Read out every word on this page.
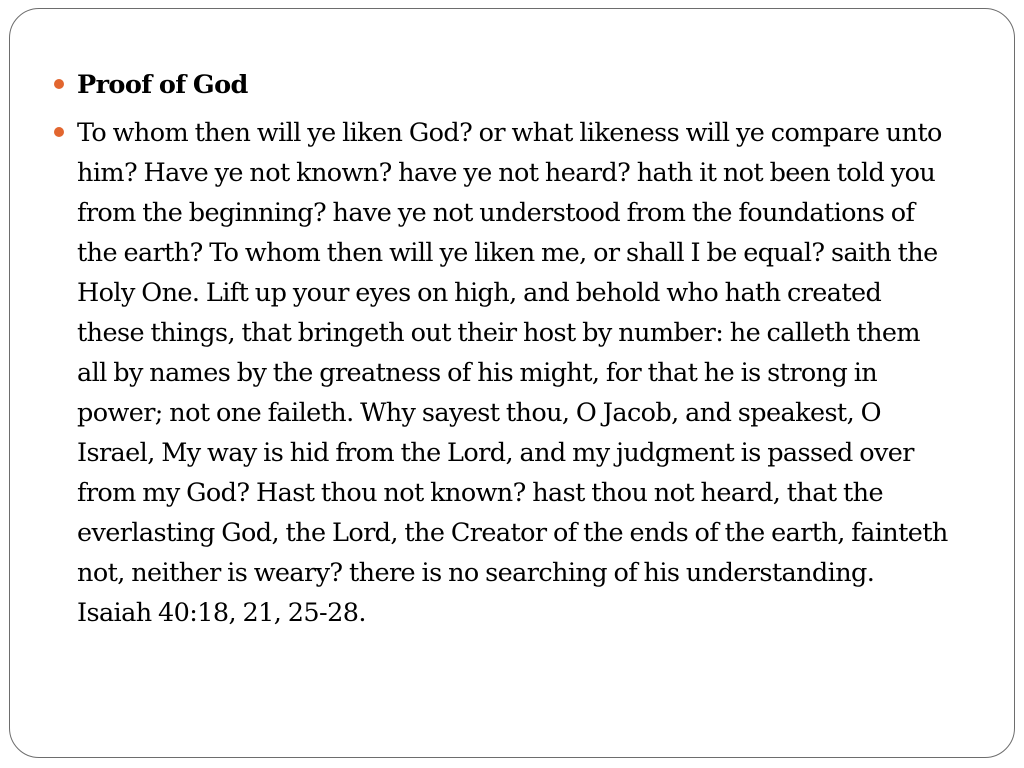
Proof of God
To whom then will ye liken God? or what likeness will ye compare unto him? Have ye not known? have ye not heard? hath it not been told you from the beginning? have ye not understood from the foundations of the earth? To whom then will ye liken me, or shall I be equal? saith the Holy One. Lift up your eyes on high, and behold who hath created these things, that bringeth out their host by number: he calleth them all by names by the greatness of his might, for that he is strong in power; not one faileth. Why sayest thou, O Jacob, and speakest, O Israel, My way is hid from the Lord, and my judgment is passed over from my God? Hast thou not known? hast thou not heard, that the everlasting God, the Lord, the Creator of the ends of the earth, fainteth not, neither is weary? there is no searching of his understanding. Isaiah 40:18, 21, 25-28.
